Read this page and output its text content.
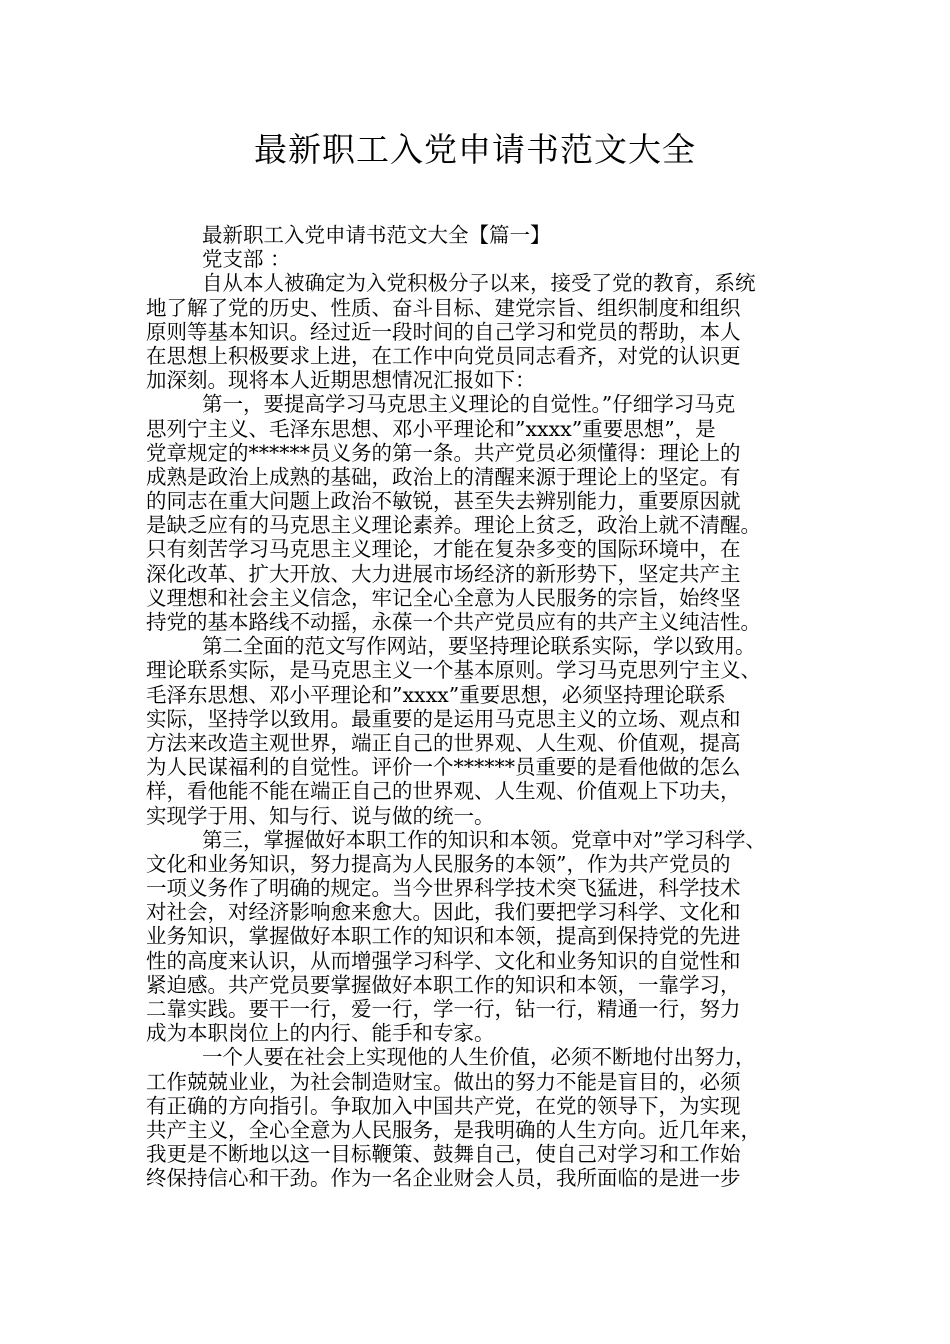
最新职工入党申请书范文大全
最新职工入党申请书范文大全【篇一】
党支部 ：
自从本人被确定为入党积极分子以来，接受了党的教育，系统
地了解了党的历史、性质、奋斗目标、建党宗旨、组织制度和组织
原则等基本知识。经过近一段时间的自己学习和党员的帮助，本人
在思想上积极要求上进，在工作中向党员同志看齐，对党的认识更
加深刻。现将本人近期思想情况汇报如下：
第一，要提高学习马克思主义理论的自觉性。”仔细学习马克
思列宁主义、毛泽东思想、邓小平理论和”xxxx”重要思想”，是
党章规定的******员义务的第一条。共产党员必须懂得：理论上的
成熟是政治上成熟的基础，政治上的清醒来源于理论上的坚定。有
的同志在重大问题上政治不敏锐，甚至失去辨别能力，重要原因就
是缺乏应有的马克思主义理论素养。理论上贫乏，政治上就不清醒。
只有刻苦学习马克思主义理论，才能在复杂多变的国际环境中，在
深化改革、扩大开放、大力进展市场经济的新形势下，坚定共产主
义理想和社会主义信念，牢记全心全意为人民服务的宗旨，始终坚
持党的基本路线不动摇，永葆一个共产党员应有的共产主义纯洁性。
第二全面的范文写作网站，要坚持理论联系实际，学以致用。
理论联系实际，是马克思主义一个基本原则。学习马克思列宁主义、
毛泽东思想、邓小平理论和”xxxx”重要思想，必须坚持理论联系
实际，坚持学以致用。最重要的是运用马克思主义的立场、观点和
方法来改造主观世界，端正自己的世界观、人生观、价值观，提高
为人民谋福利的自觉性。评价一个******员重要的是看他做的怎么
样，看他能不能在端正自己的世界观、人生观、价值观上下功夫，
实现学于用、知与行、说与做的统一。
第三，掌握做好本职工作的知识和本领。党章中对”学习科学、
文化和业务知识，努力提高为人民服务的本领”，作为共产党员的
一项义务作了明确的规定。当今世界科学技术突飞猛进，科学技术
对社会，对经济影响愈来愈大。因此，我们要把学习科学、文化和
业务知识，掌握做好本职工作的知识和本领，提高到保持党的先进
性的高度来认识，从而增强学习科学、文化和业务知识的自觉性和
紧迫感。共产党员要掌握做好本职工作的知识和本领，一靠学习，
二靠实践。要干一行，爱一行，学一行，钻一行，精通一行，努力
成为本职岗位上的内行、能手和专家。
一个人要在社会上实现他的人生价值，必须不断地付出努力，
工作兢兢业业，为社会制造财宝。做出的努力不能是盲目的，必须
有正确的方向指引。争取加入中国共产党，在党的领导下，为实现
共产主义，全心全意为人民服务，是我明确的人生方向。近几年来，
我更是不断地以这一目标鞭策、鼓舞自己，使自己对学习和工作始
终保持信心和干劲。作为一名企业财会人员，我所面临的是进一步
